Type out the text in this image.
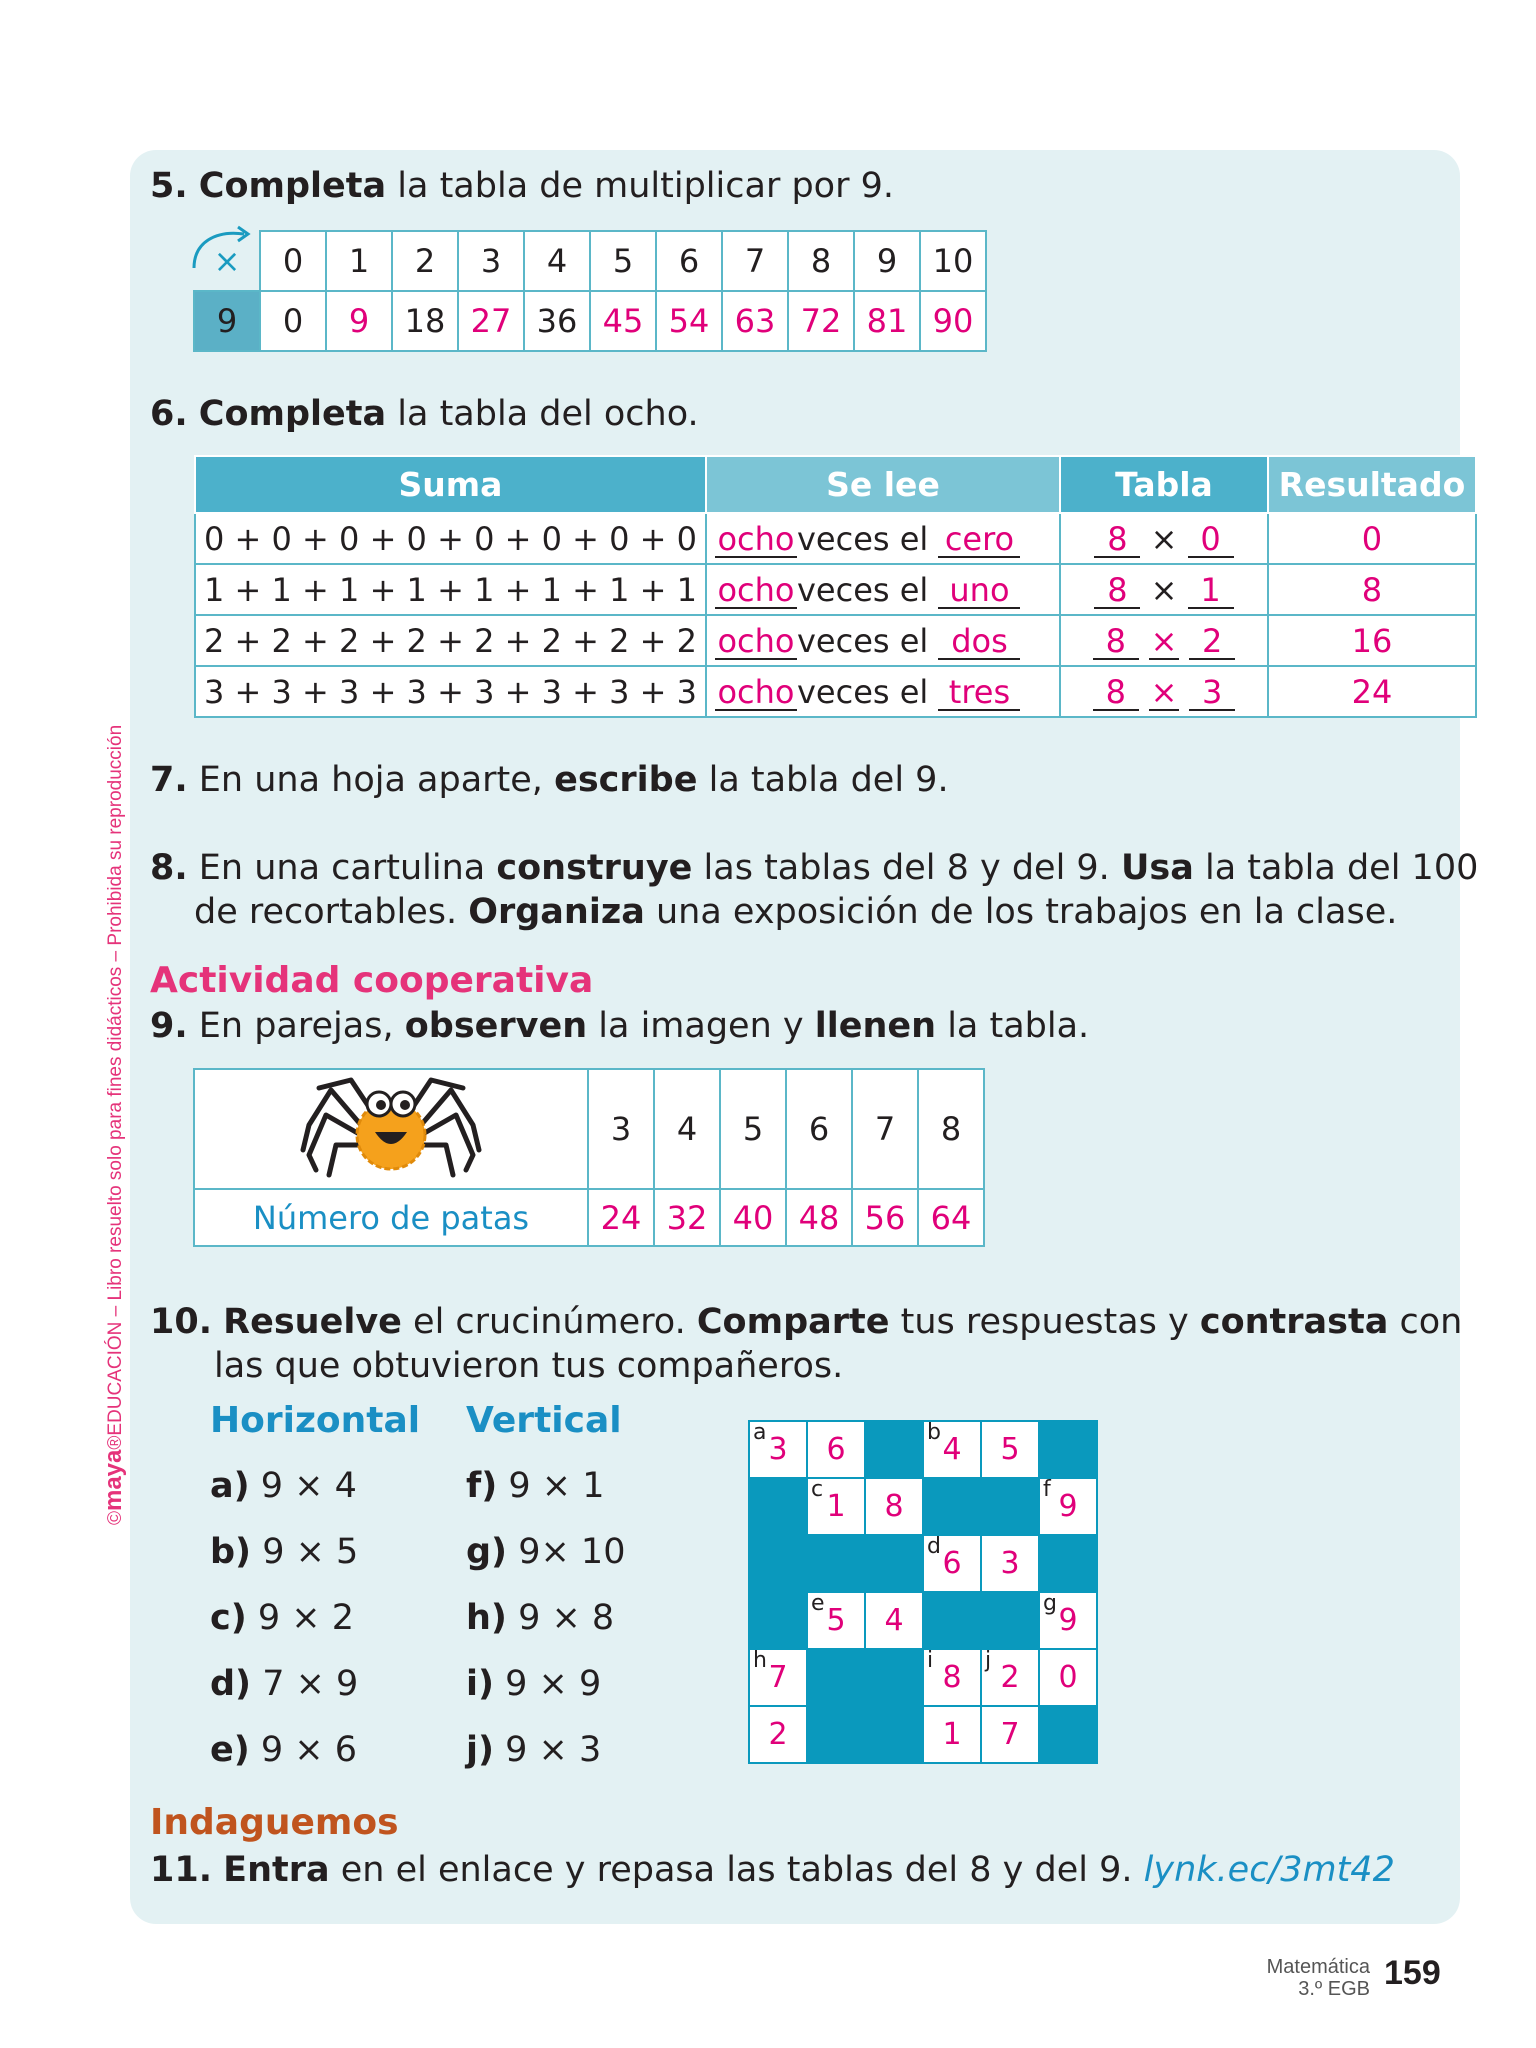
©maya®EDUCACIÓN – Libro resuelto solo para fines didácticos – Prohibida su reproducción
5. Completa la tabla de multiplicar por 9.
×	0	1	2	3	4	5	6	7	8	9	10
9	0	9	18	27	36	45	54	63	72	81	90
6. Completa la tabla del ocho.
Suma	Se lee	Tabla	Resultado
0 + 0 + 0 + 0 + 0 + 0 + 0 + 0	ochoveces el cero	8 × 0	0
1 + 1 + 1 + 1 + 1 + 1 + 1 + 1	ochoveces el uno	8 × 1	8
2 + 2 + 2 + 2 + 2 + 2 + 2 + 2	ochoveces el dos	8 × 2	16
3 + 3 + 3 + 3 + 3 + 3 + 3 + 3	ochoveces el tres	8 × 3	24
7. En una hoja aparte, escribe la tabla del 9.
8. En una cartulina construye las tablas del 8 y del 9. Usa la tabla del 100
de recortables. Organiza una exposición de los trabajos en la clase.
Actividad cooperativa
9. En parejas, observen la imagen y llenen la tabla.
	3	4	5	6	7	8
Número de patas	24	32	40	48	56	64
10. Resuelve el crucinúmero. Comparte tus respuestas y contrasta con
las que obtuvieron tus compañeros.
Horizontal Vertical
a) 9 × 4
b) 9 × 5
c) 9 × 2
d) 7 × 9
e) 9 × 6
f) 9 × 1
g) 9× 10
h) 9 × 8
i) 9 × 9
j) 9 × 3
a 3	6		b 4	5	

	c 1	8			f 9

			d 6	3	

	e 5	4			g 9

h 7			i 8	j 2	0
2			1	7	
Indaguemos
11. Entra en el enlace y repasa las tablas del 8 y del 9. lynk.ec/3mt42
Matemática
3.º EGB 159
